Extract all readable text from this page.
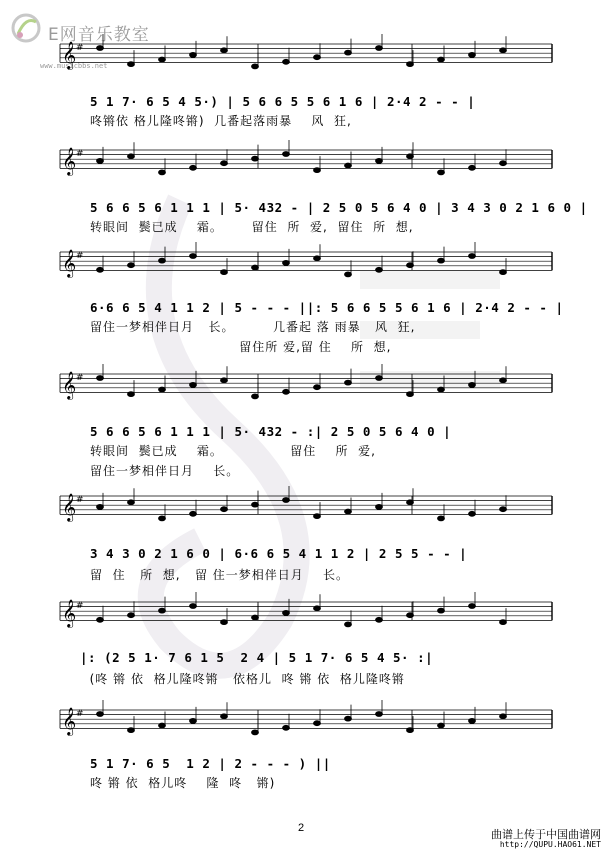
E网音乐教室
www.musicbbs.net
𝄞 #
𝄞 #
𝄞 #
𝄞 #
𝄞 #
𝄞 #
𝄞 #
5 1 7· 6 5 4 5·) | 5 6 6 5 5 6 1 6 | 2·4 2 - - |
咚锵依 格儿隆咚锵)  几番起落雨暴    风  狂,
5 6 6 5 6 1 1 1 | 5· 432 - | 2 5 0 5 6 4 0 | 3 4 3 0 2 1 6 0 |
转眼间  鬓已成    霜。      留住  所  爱,  留住  所  想,
6·6 6 5 4 1 1 2 | 5 - - - ||: 5 6 6 5 5 6 1 6 | 2·4 2 - - |
留住一梦相伴日月   长。        几番起 落 雨暴   风  狂,
留住所 爱,留 住    所  想,
5 6 6 5 6 1 1 1 | 5· 432 - :| 2 5 0 5 6 4 0 |
转眼间  鬓已成    霜。              留住    所  爱,
留住一梦相伴日月    长。
3 4 3 0 2 1 6 0 | 6·6 6 5 4 1 1 2 | 2 5 5 - - |
留  住   所  想,   留 住一梦相伴日月    长。
|: (2 5 1· 7 6 1 5  2 4 | 5 1 7· 6 5 4 5· :|
(咚 锵 依  格儿隆咚锵   依格儿  咚 锵 依  格儿隆咚锵
5 1 7· 6 5  1 2 | 2 - - - ) ||
咚 锵 依  格儿咚    隆  咚   锵)
2	曲谱上传于中国曲谱网
http://QUPU.HAO61.NET
